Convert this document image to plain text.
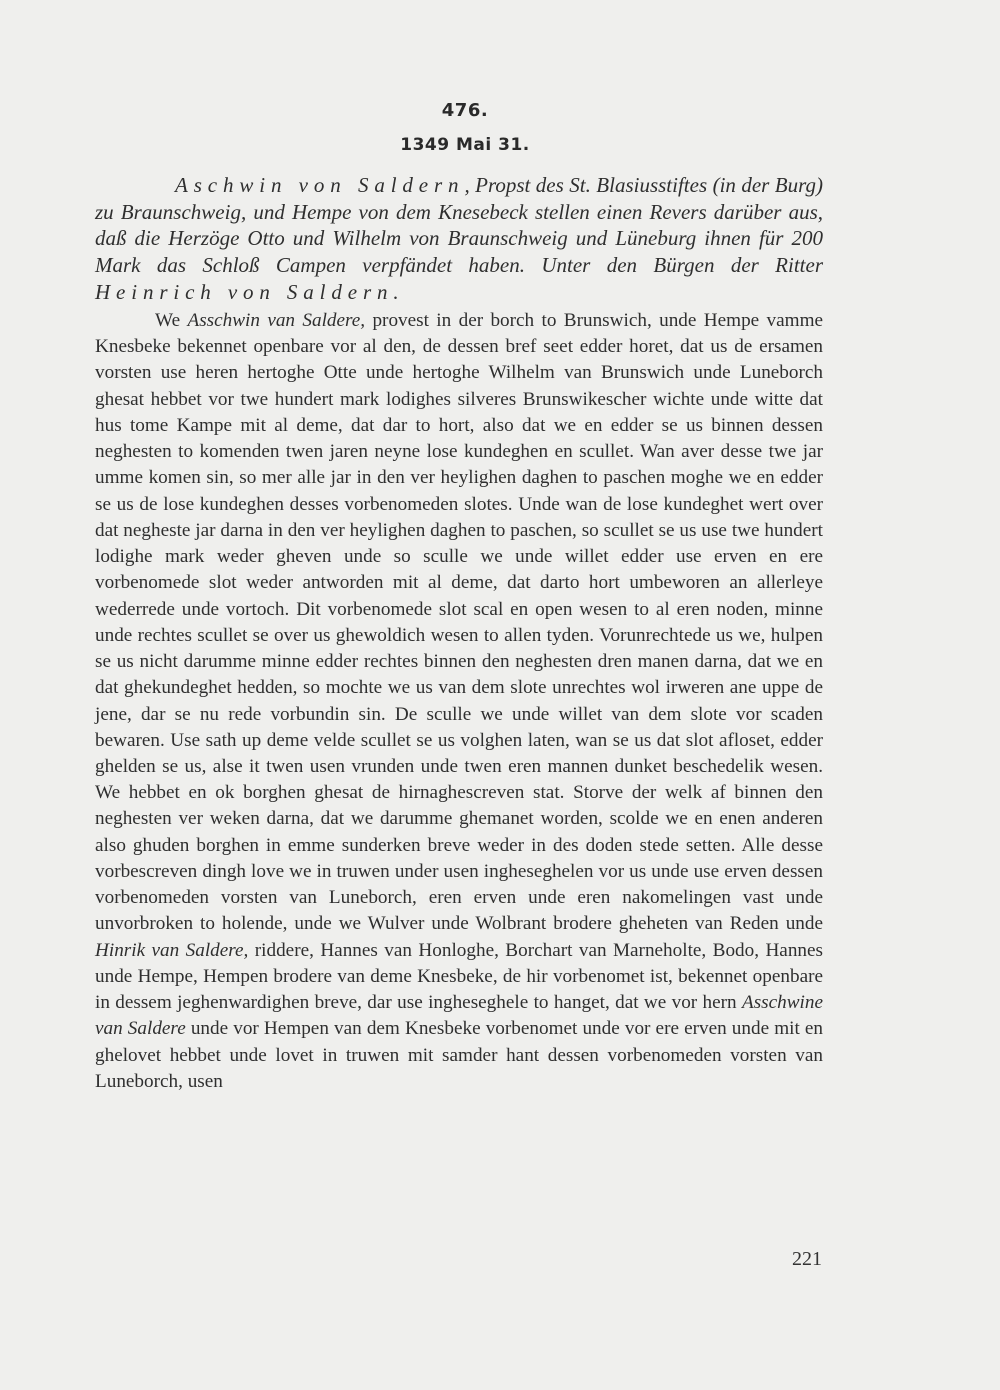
476.
1349 Mai 31.

Aschwin von Saldern, Propst des St. Blasiusstiftes (in der Burg) zu Braunschweig, und Hempe von dem Knesebeck stellen einen Revers darüber aus, daß die Herzöge Otto und Wilhelm von Braunschweig und Lüneburg ihnen für 200 Mark das Schloß Campen verpfändet haben. Unter den Bürgen der Ritter Heinrich von Saldern.

We Asschwin van Saldere, provest in der borch to Brunswich, unde Hempe vamme Knesbeke bekennet openbare vor al den, de dessen bref seet edder horet, dat us de ersamen vorsten use heren hertoghe Otte unde hertoghe Wilhelm van Brunswich unde Luneborch ghesat hebbet vor twe hundert mark lodighes silveres Brunswikescher wichte unde witte dat hus tome Kampe mit al deme, dat dar to hort, also dat we en edder se us binnen dessen neghesten to komenden twen jaren neyne lose kundeghen en scullet. Wan aver desse twe jar umme komen sin, so mer alle jar in den ver heylighen daghen to paschen moghe we en edder se us de lose kundeghen desses vorbenomeden slotes. Unde wan de lose kundeghet wert over dat negheste jar darna in den ver heylighen daghen to paschen, so scullet se us use twe hundert lodighe mark weder gheven unde so sculle we unde willet edder use erven en ere vorbenomede slot weder antworden mit al deme, dat darto hort umbeworen an allerleye wederrede unde vortoch. Dit vorbenomede slot scal en open wesen to al eren noden, minne unde rechtes scullet se over us ghewoldich wesen to allen tyden. Vorunrechtede us we, hulpen se us nicht darumme minne edder rechtes binnen den neghesten dren manen darna, dat we en dat ghekundeghet hedden, so mochte we us van dem slote unrechtes wol irweren ane uppe de jene, dar se nu rede vorbundin sin. De sculle we unde willet van dem slote vor scaden bewaren. Use sath up deme velde scullet se us volghen laten, wan se us dat slot afloset, edder ghelden se us, alse it twen usen vrunden unde twen eren mannen dunket beschedelik wesen. We hebbet en ok borghen ghesat de hirnaghescreven stat. Storve der welk af binnen den neghesten ver weken darna, dat we darumme ghemanet worden, scolde we en enen anderen also ghuden borghen in emme sunderken breve weder in des doden stede setten. Alle desse vorbescreven dingh love we in truwen under usen ingheseghelen vor us unde use erven dessen vorbenomeden vorsten van Luneborch, eren erven unde eren nakomelingen vast unde unvorbroken to holende, unde we Wulver unde Wolbrant brodere gheheten van Reden unde Hinrik van Saldere, riddere, Hannes van Honloghe, Borchart van Marneholte, Bodo, Hannes unde Hempe, Hempen brodere van deme Knesbeke, de hir vorbenomet ist, bekennet openbare in dessem jeghenwardighen breve, dar use ingheseghele to hanget, dat we vor hern Asschwine van Saldere unde vor Hempen van dem Knesbeke vorbenomet unde vor ere erven unde mit en ghelovet hebbet unde lovet in truwen mit samder hant dessen vorbenomeden vorsten van Luneborch, usen

221
